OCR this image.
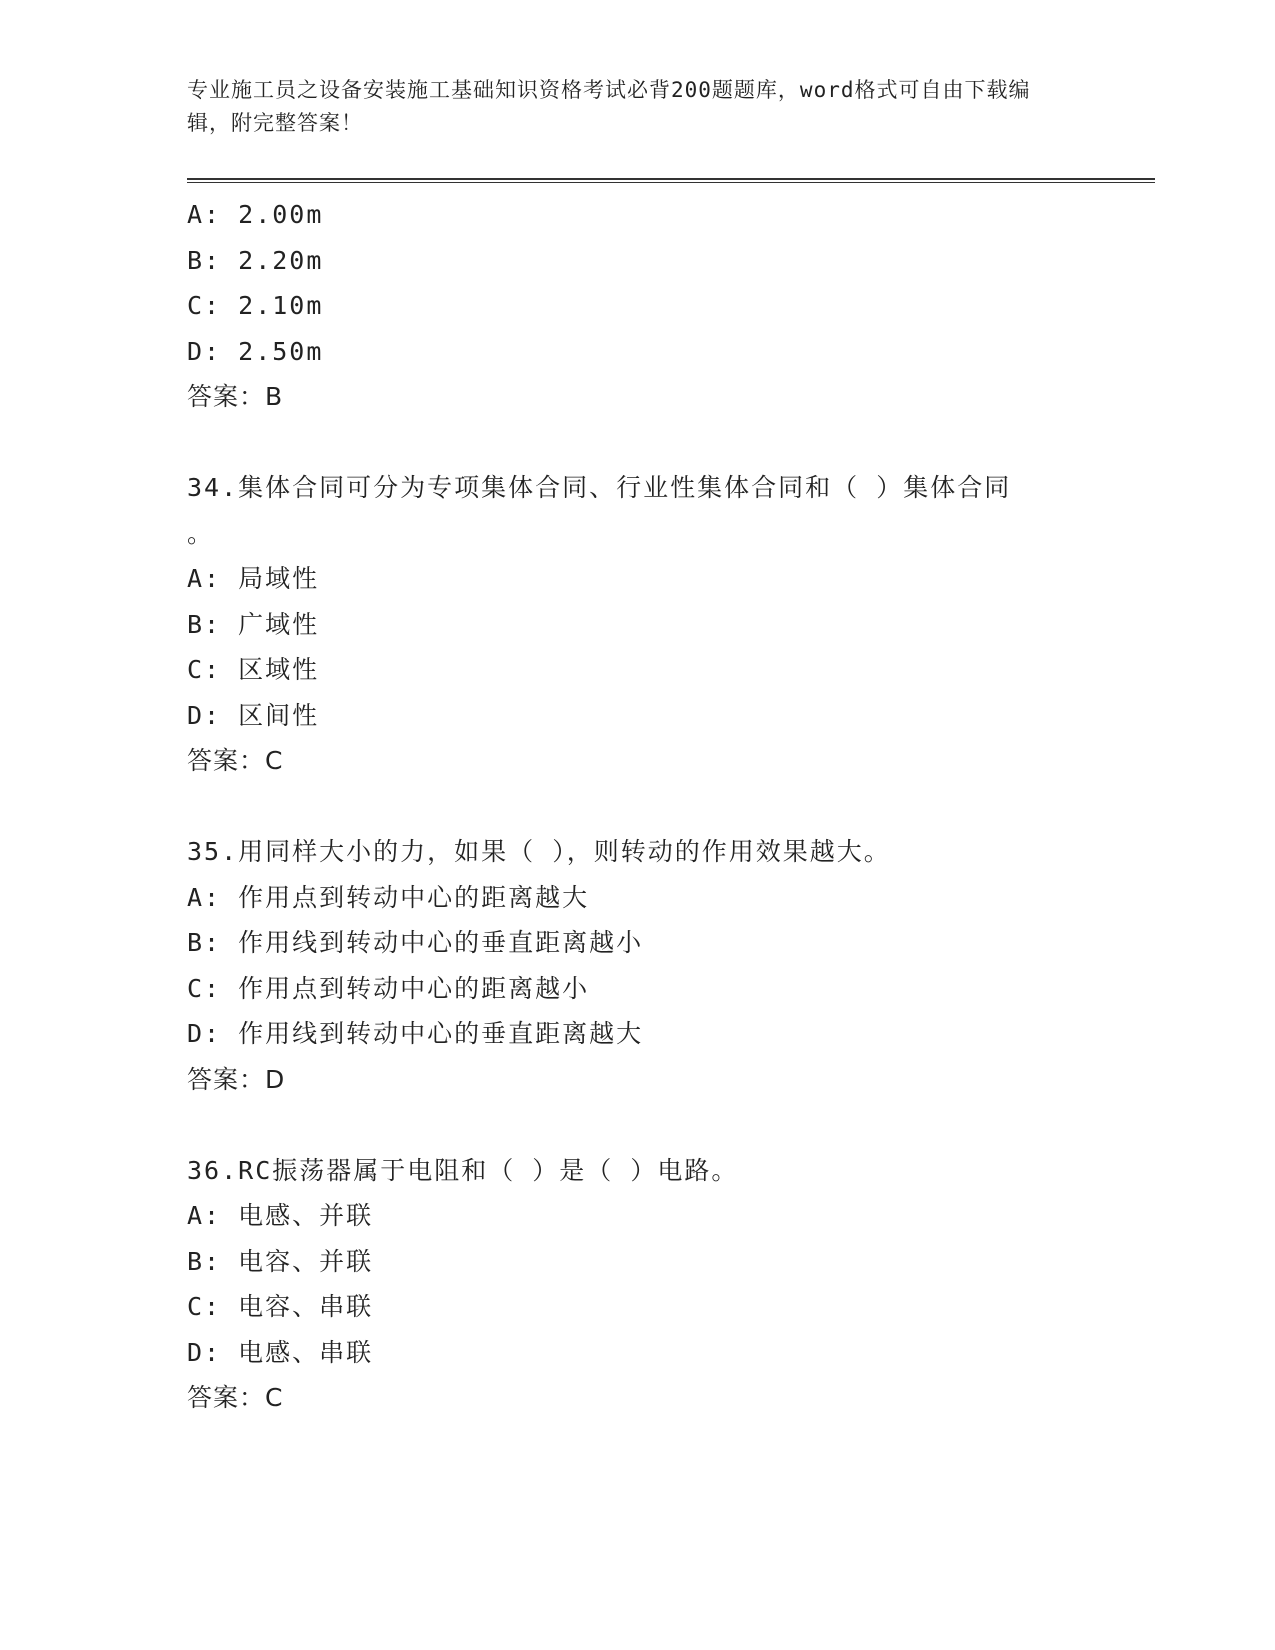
专业施工员之设备安装施工基础知识资格考试必背200题题库，word格式可自由下载编辑，附完整答案！
A: 2.00m
B: 2.20m
C: 2.10m
D: 2.50m
答案：B
34.集体合同可分为专项集体合同、行业性集体合同和（ ）集体合同
。
A: 局域性
B: 广域性
C: 区域性
D: 区间性
答案：C
35.用同样大小的力，如果（ ），则转动的作用效果越大。
A: 作用点到转动中心的距离越大
B: 作用线到转动中心的垂直距离越小
C: 作用点到转动中心的距离越小
D: 作用线到转动中心的垂直距离越大
答案：D
36.RC振荡器属于电阻和（ ）是（ ）电路。
A: 电感、并联
B: 电容、并联
C: 电容、串联
D: 电感、串联
答案：C
